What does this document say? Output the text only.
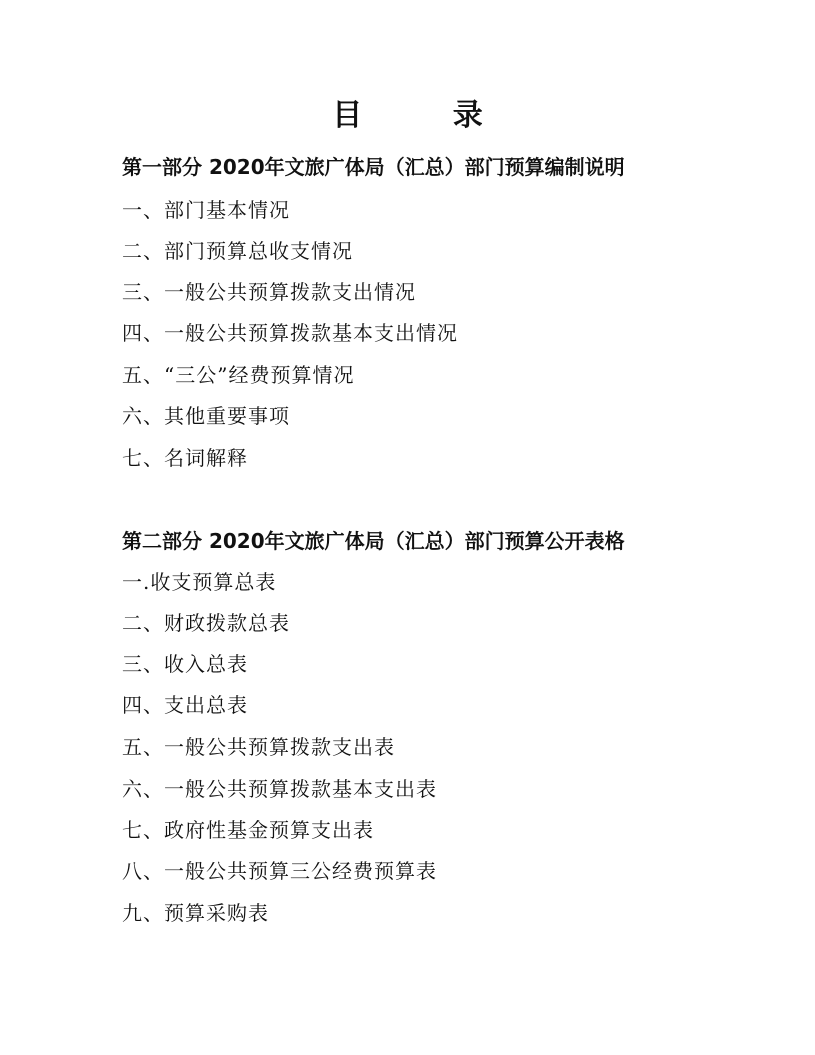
目 录
第一部分 2020年文旅广体局（汇总）部门预算编制说明
一、部门基本情况
二、部门预算总收支情况
三、一般公共预算拨款支出情况
四、一般公共预算拨款基本支出情况
五、“三公”经费预算情况
六、其他重要事项
七、名词解释
第二部分 2020年文旅广体局（汇总）部门预算公开表格
一.收支预算总表
二、财政拨款总表
三、收入总表
四、支出总表
五、一般公共预算拨款支出表
六、一般公共预算拨款基本支出表
七、政府性基金预算支出表
八、一般公共预算三公经费预算表
九、预算采购表
